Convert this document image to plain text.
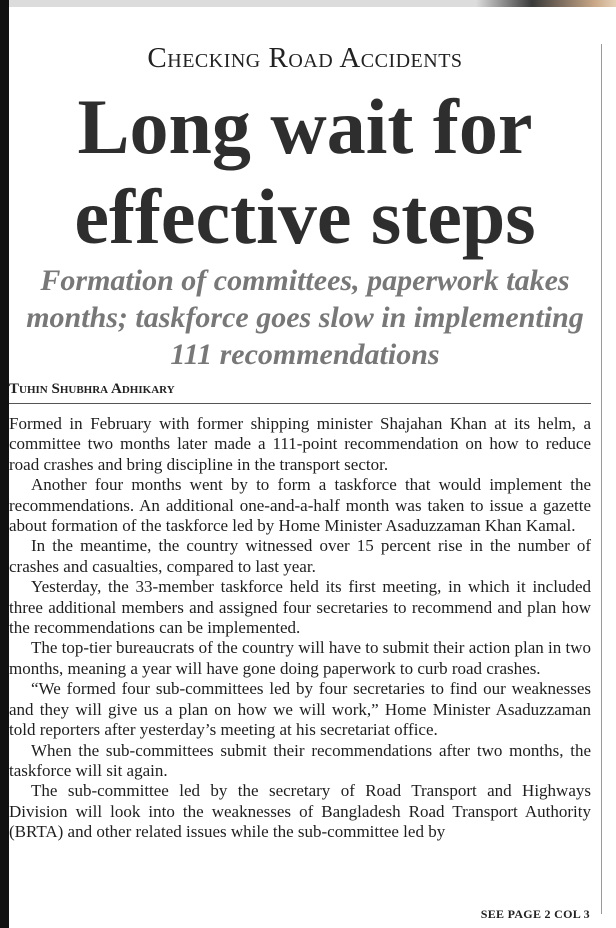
Checking Road Accidents
Long wait for effective steps
Formation of committees, paperwork takes months; taskforce goes slow in implementing 111 recommendations

Tuhin Shubhra Adhikary

Formed in February with former shipping minister Shajahan Khan at its helm, a committee two months later made a 111-point recommendation on how to reduce road crashes and bring discipline in the transport sector.

Another four months went by to form a taskforce that would implement the recommendations. An additional one-and-a-half month was taken to issue a gazette about formation of the taskforce led by Home Minister Asaduzzaman Khan Kamal.

In the meantime, the country witnessed over 15 percent rise in the number of crashes and casualties, compared to last year.

Yesterday, the 33-member taskforce held its first meeting, in which it included three additional members and assigned four secretaries to recommend and plan how the recommendations can be implemented.

The top-tier bureaucrats of the country will have to submit their action plan in two months, meaning a year will have gone doing paperwork to curb road crashes.

“We formed four sub-committees led by four secretaries to find our weaknesses and they will give us a plan on how we will work,” Home Minister Asaduzzaman told reporters after yesterday’s meeting at his secretariat office.

When the sub-committees submit their recommendations after two months, the taskforce will sit again.

The sub-committee led by the secretary of Road Transport and Highways Division will look into the weaknesses of Bangladesh Road Transport Authority (BRTA) and other related issues while the sub-committee led by

SEE PAGE 2 COL 3
